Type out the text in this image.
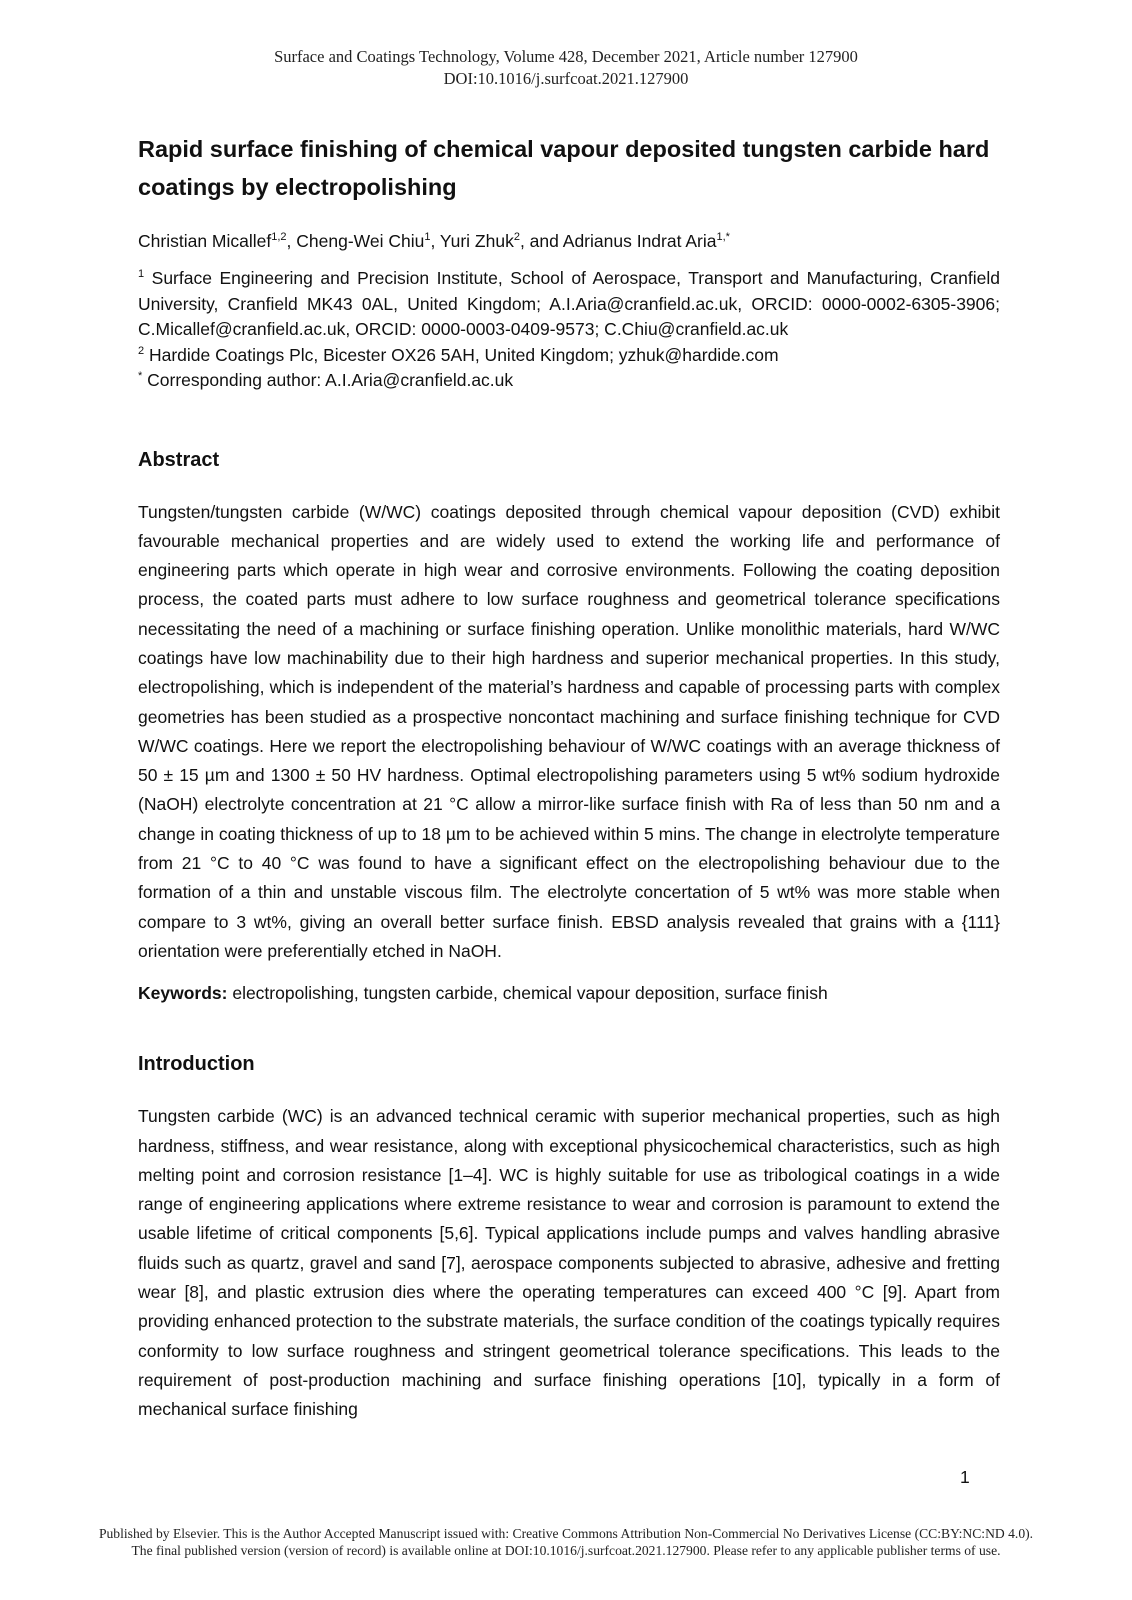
Surface and Coatings Technology, Volume 428, December 2021, Article number 127900
DOI:10.1016/j.surfcoat.2021.127900
Rapid surface finishing of chemical vapour deposited tungsten carbide hard coatings by electropolishing
Christian Micallef$^{1,2}$, Cheng-Wei Chiu$^1$, Yuri Zhuk$^2$, and Adrianus Indrat Aria$^{1,*}$
$^1$ Surface Engineering and Precision Institute, School of Aerospace, Transport and Manufacturing, Cranfield University, Cranfield MK43 0AL, United Kingdom; A.I.Aria@cranfield.ac.uk, ORCID: 0000-0002-6305-3906; C.Micallef@cranfield.ac.uk, ORCID: 0000-0003-0409-9573; C.Chiu@cranfield.ac.uk
$^2$ Hardide Coatings Plc, Bicester OX26 5AH, United Kingdom; yzhuk@hardide.com
* Corresponding author: A.I.Aria@cranfield.ac.uk
Abstract

Tungsten/tungsten carbide (W/WC) coatings deposited through chemical vapour deposition (CVD) exhibit favourable mechanical properties and are widely used to extend the working life and performance of engineering parts which operate in high wear and corrosive environments. Following the coating deposition process, the coated parts must adhere to low surface roughness and geometrical tolerance specifications necessitating the need of a machining or surface finishing operation. Unlike monolithic materials, hard W/WC coatings have low machinability due to their high hardness and superior mechanical properties. In this study, electropolishing, which is independent of the material’s hardness and capable of processing parts with complex geometries has been studied as a prospective noncontact machining and surface finishing technique for CVD W/WC coatings. Here we report the electropolishing behaviour of W/WC coatings with an average thickness of 50 ± 15 µm and 1300 ± 50 HV hardness. Optimal electropolishing parameters using 5 wt% sodium hydroxide (NaOH) electrolyte concentration at 21 °C allow a mirror-like surface finish with Ra of less than 50 nm and a change in coating thickness of up to 18 µm to be achieved within 5 mins. The change in electrolyte temperature from 21 °C to 40 °C was found to have a significant effect on the electropolishing behaviour due to the formation of a thin and unstable viscous film. The electrolyte concertation of 5 wt% was more stable when compare to 3 wt%, giving an overall better surface finish. EBSD analysis revealed that grains with a {111} orientation were preferentially etched in NaOH.

Keywords: electropolishing, tungsten carbide, chemical vapour deposition, surface finish
Introduction

Tungsten carbide (WC) is an advanced technical ceramic with superior mechanical properties, such as high hardness, stiffness, and wear resistance, along with exceptional physicochemical characteristics, such as high melting point and corrosion resistance [1–4]. WC is highly suitable for use as tribological coatings in a wide range of engineering applications where extreme resistance to wear and corrosion is paramount to extend the usable lifetime of critical components [5,6]. Typical applications include pumps and valves handling abrasive fluids such as quartz, gravel and sand [7], aerospace components subjected to abrasive, adhesive and fretting wear [8], and plastic extrusion dies where the operating temperatures can exceed 400 °C [9]. Apart from providing enhanced protection to the substrate materials, the surface condition of the coatings typically requires conformity to low surface roughness and stringent geometrical tolerance specifications. This leads to the requirement of post-production machining and surface finishing operations [10], typically in a form of mechanical surface finishing

1
Published by Elsevier. This is the Author Accepted Manuscript issued with: Creative Commons Attribution Non-Commercial No Derivatives License (CC:BY:NC:ND 4.0).
The final published version (version of record) is available online at DOI:10.1016/j.surfcoat.2021.127900. Please refer to any applicable publisher terms of use.
